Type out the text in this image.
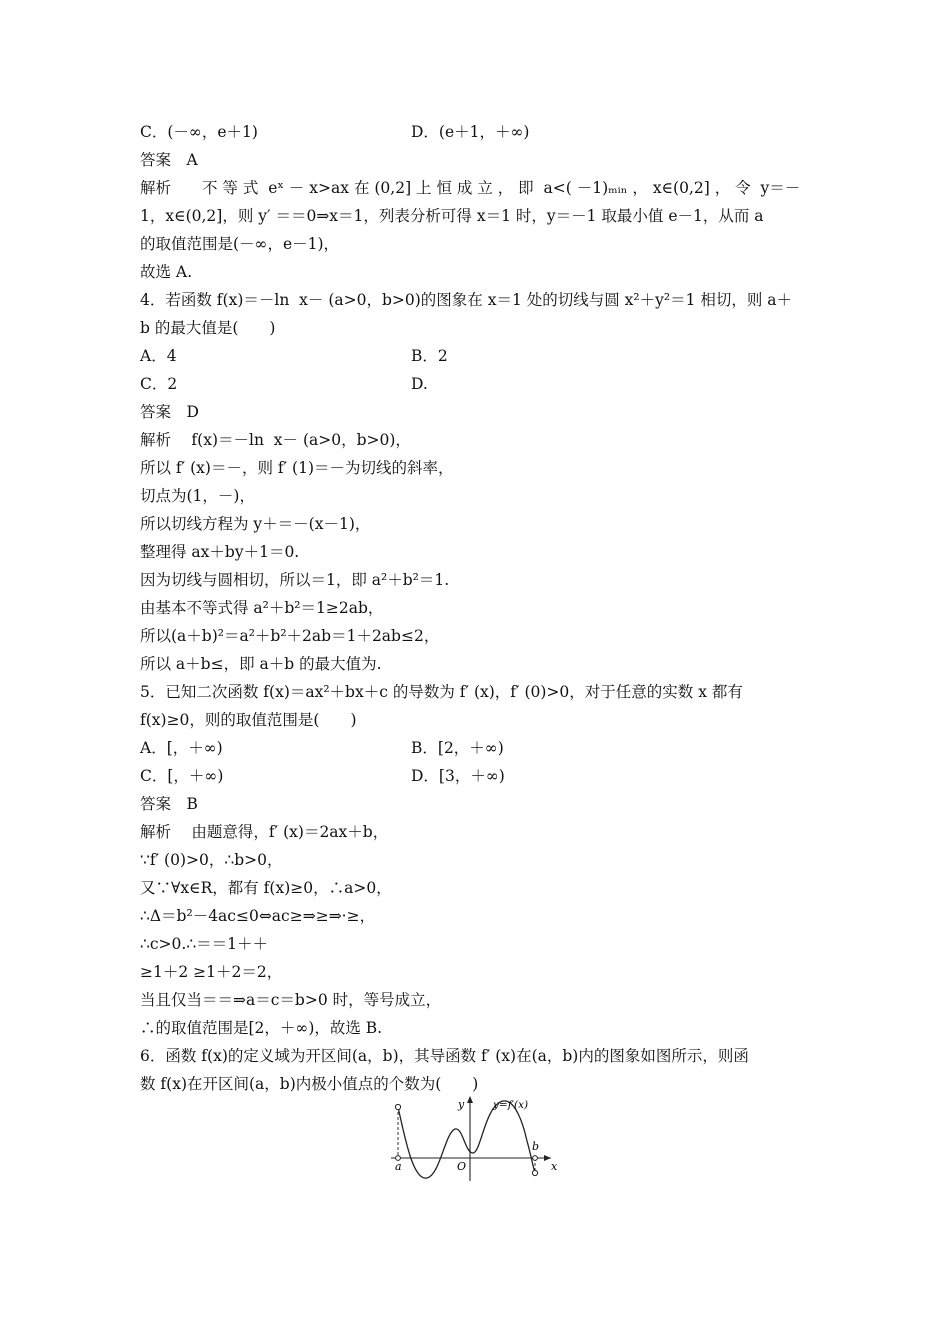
C．(－∞，e＋1)	D．(e＋1，＋∞)
答案　A
解析　　不 等 式  eˣ － x>ax 在 (0,2] 上 恒 成 立 ， 即  a<( －1)ₘᵢₙ ， x∈(0,2] ， 令  y＝－
1，x∈(0,2]，则 y′ ＝＝0⇒x＝1，列表分析可得 x＝1 时，y＝－1 取最小值 e－1，从而 a
的取值范围是(－∞，e－1)，
故选 A.
4．若函数 f(x)＝－ln  x－ (a>0，b>0)的图象在 x＝1 处的切线与圆 x²＋y²＝1 相切，则 a＋
b 的最大值是(　　)
A．4	B．2
C．2	D.
答案　D
解析　 f(x)＝－ln  x－ (a>0，b>0)，
所以 f′ (x)＝－，则 f′ (1)＝－为切线的斜率，
切点为(1，－)，
所以切线方程为 y＋＝－(x－1)，
整理得 ax＋by＋1＝0.
因为切线与圆相切，所以＝1，即 a²＋b²＝1.
由基本不等式得 a²＋b²＝1≥2ab，
所以(a＋b)²＝a²＋b²＋2ab＝1＋2ab≤2，
所以 a＋b≤，即 a＋b 的最大值为.
5．已知二次函数 f(x)＝ax²＋bx＋c 的导数为 f′ (x)，f′ (0)>0，对于任意的实数 x 都有
f(x)≥0，则的取值范围是(　　)
A．[，＋∞)	B．[2，＋∞)
C．[，＋∞)	D．[3，＋∞)
答案　B
解析　 由题意得，f′ (x)＝2ax＋b，
∵f′ (0)>0，∴b>0，
又∵∀x∈R，都有 f(x)≥0，∴a>0，
∴Δ＝b²－4ac≤0⇔ac≥⇒≥⇒·≥，
∴c>0.∴＝＝1＋＋
≥1＋2 ≥1＋2＝2，
当且仅当＝＝⇒a＝c＝b>0 时，等号成立，
∴的取值范围是[2，＋∞)，故选 B.
6．函数 f(x)的定义域为开区间(a，b)，其导函数 f′ (x)在(a，b)内的图象如图所示，则函
数 f(x)在开区间(a，b)内极小值点的个数为(　　)
y	y=f′(x)
a
b
O	x
